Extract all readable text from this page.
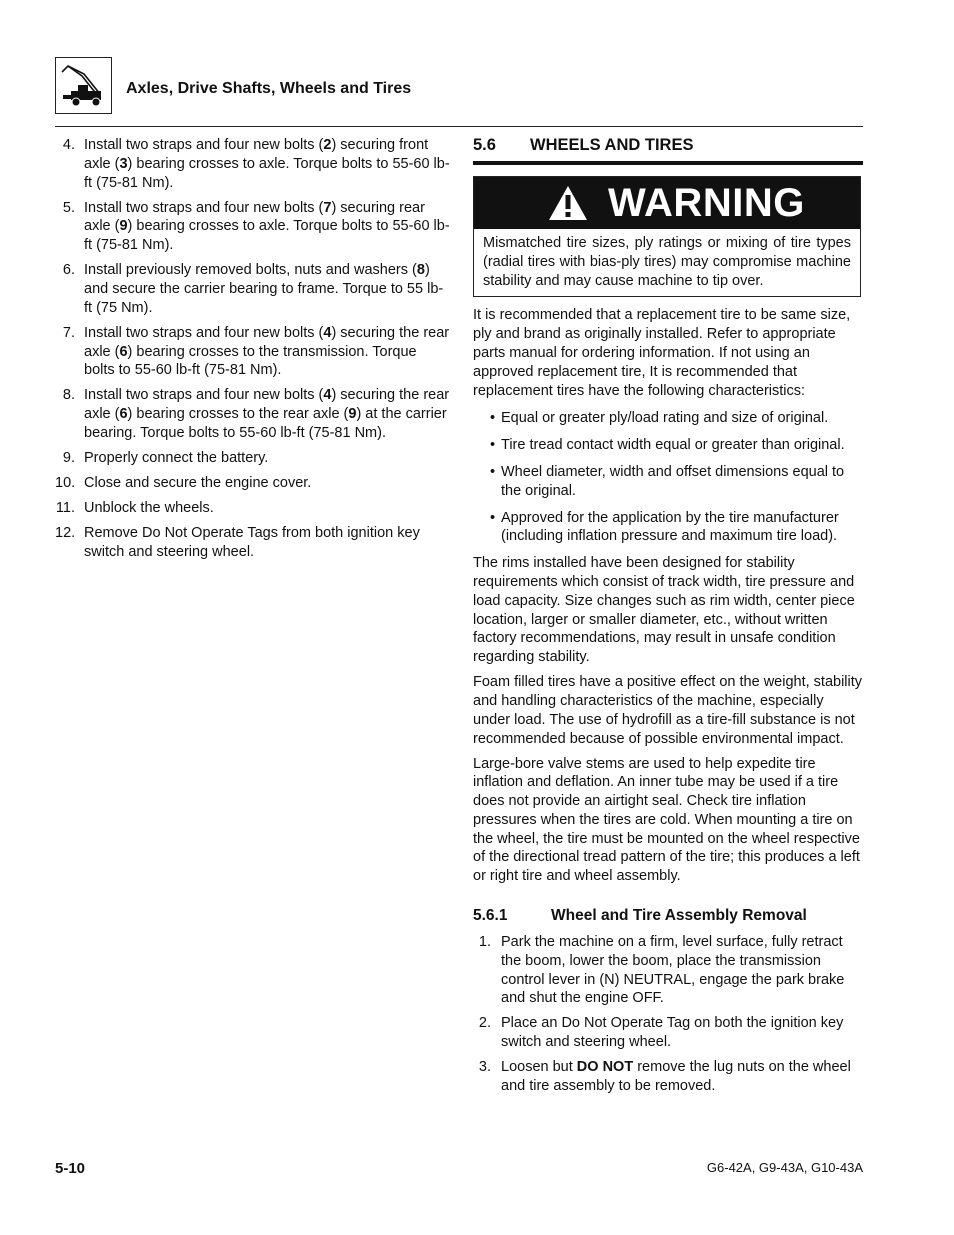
Axles, Drive Shafts, Wheels and Tires
4. Install two straps and four new bolts (2) securing front axle (3) bearing crosses to axle. Torque bolts to 55-60 lb-ft (75-81 Nm).
5. Install two straps and four new bolts (7) securing rear axle (9) bearing crosses to axle. Torque bolts to 55-60 lb-ft (75-81 Nm).
6. Install previously removed bolts, nuts and washers (8) and secure the carrier bearing to frame. Torque to 55 lb-ft (75 Nm).
7. Install two straps and four new bolts (4) securing the rear axle (6) bearing crosses to the transmission. Torque bolts to 55-60 lb-ft (75-81 Nm).
8. Install two straps and four new bolts (4) securing the rear axle (6) bearing crosses to the rear axle (9) at the carrier bearing. Torque bolts to 55-60 lb-ft (75-81 Nm).
9. Properly connect the battery.
10. Close and secure the engine cover.
11. Unblock the wheels.
12. Remove Do Not Operate Tags from both ignition key switch and steering wheel.
5.6 WHEELS AND TIRES
WARNING
Mismatched tire sizes, ply ratings or mixing of tire types (radial tires with bias-ply tires) may compromise machine stability and may cause machine to tip over.

It is recommended that a replacement tire to be same size, ply and brand as originally installed. Refer to appropriate parts manual for ordering information. If not using an approved replacement tire, It is recommended that replacement tires have the following characteristics:

• Equal or greater ply/load rating and size of original.
• Tire tread contact width equal or greater than original.
• Wheel diameter, width and offset dimensions equal to the original.
• Approved for the application by the tire manufacturer (including inflation pressure and maximum tire load).

The rims installed have been designed for stability requirements which consist of track width, tire pressure and load capacity. Size changes such as rim width, center piece location, larger or smaller diameter, etc., without written factory recommendations, may result in unsafe condition regarding stability.

Foam filled tires have a positive effect on the weight, stability and handling characteristics of the machine, especially under load. The use of hydrofill as a tire-fill substance is not recommended because of possible environmental impact.

Large-bore valve stems are used to help expedite tire inflation and deflation. An inner tube may be used if a tire does not provide an airtight seal. Check tire inflation pressures when the tires are cold. When mounting a tire on the wheel, the tire must be mounted on the wheel respective of the directional tread pattern of the tire; this produces a left or right tire and wheel assembly.

5.6.1	Wheel and Tire Assembly Removal
1. Park the machine on a firm, level surface, fully retract the boom, lower the boom, place the transmission control lever in (N) NEUTRAL, engage the park brake and shut the engine OFF.
2. Place an Do Not Operate Tag on both the ignition key switch and steering wheel.
3. Loosen but DO NOT remove the lug nuts on the wheel and tire assembly to be removed.
5-10	G6-42A, G9-43A, G10-43A
